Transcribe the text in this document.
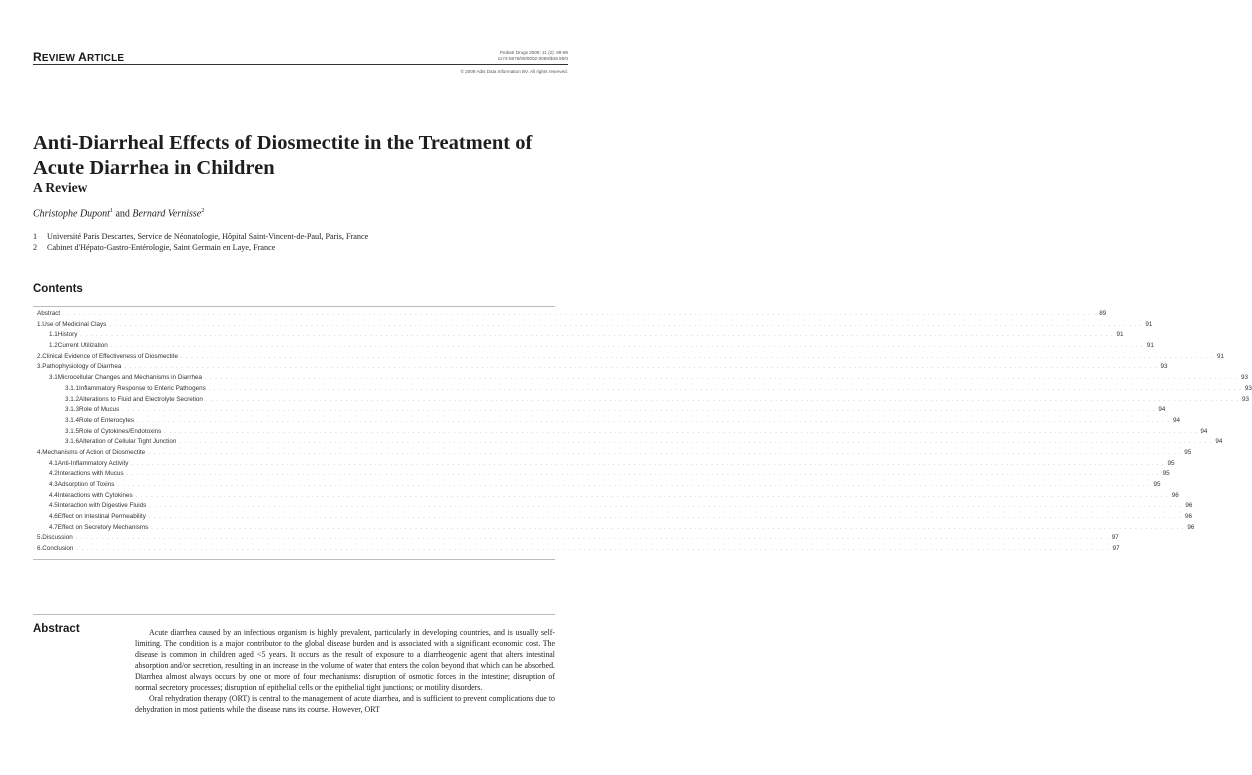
REVIEW ARTICLE
Pediatr Drugs 2009; 11 (2): 89-99
1174-5878/09/0002-0089/$49.95/0
© 2009 Adis Data Information BV. All rights reserved.
Anti-Diarrheal Effects of Diosmectite in the Treatment of Acute Diarrhea in Children
A Review
Christophe Dupont$^1$ and Bernard Vernisse$^2$
1 Université Paris Descartes, Service de Néonatologie, Hôpital Saint-Vincent-de-Paul, Paris, France
2 Cabinet d'Hépato-Gastro-Entérologie, Saint Germain en Laye, France
Contents
Abstract . . . . . . . . . . . . . . . . . . . . . . . . . . . . . . . . . . . . . . . . . . . . . . . . . . . . . . . . . . . . . . . . . . . . . . . . . . . . . . . . . . . . . . . . . . . . . . . . . . . . . . . . . . . . . . . . . . . . . . . . . . . . . . . . . . . . . . . . . . . . . . . . . . . . . . . . . . . . . . . . . . . . . . . . . . . . . . . . . . . . . . . . . . . . . . . . . . . . . . . . 89
1. Use of Medicinal Clays . . . . . . . . . . . . . . . . . . . . . . . . . . . . . . . . . . . . . . . . . . . . . . . . . . . . . . . . . . . . . . . . . . . . . . . . . . . . . . . . . . . . . . . . . . . . . . . . . . . . . . . . . . . . . . . . . . . . . . . . . . . . . . . . . . . . . . . . . . . . . . . . . . . . . . . . . . . . . . . . . . . . . . . . . . . . . . . . . . . . . . . . . . . . . . . . . . . . . . . . 91
1.1 History . . . . . . . . . . . . . . . . . . . . . . . . . . . . . . . . . . . . . . . . . . . . . . . . . . . . . . . . . . . . . . . . . . . . . . . . . . . . . . . . . . . . . . . . . . . . . . . . . . . . . . . . . . . . . . . . . . . . . . . . . . . . . . . . . . . . . . . . . . . . . . . . . . . . . . . . . . . . . . . . . . . . . . . . . . . . . . . . . . . . . . . . . . . . . . . . . . . . . . . . 91
1.2 Current Utilization . . . . . . . . . . . . . . . . . . . . . . . . . . . . . . . . . . . . . . . . . . . . . . . . . . . . . . . . . . . . . . . . . . . . . . . . . . . . . . . . . . . . . . . . . . . . . . . . . . . . . . . . . . . . . . . . . . . . . . . . . . . . . . . . . . . . . . . . . . . . . . . . . . . . . . . . . . . . . . . . . . . . . . . . . . . . . . . . . . . . . . . . . . . . . . . . . . . . . . . . 91
2. Clinical Evidence of Effectiveness of Diosmectite . . . . . . . . . . . . . . . . . . . . . . . . . . . . . . . . . . . . . . . . . . . . . . . . . . . . . . . . . . . . . . . . . . . . . . . . . . . . . . . . . . . . . . . . . . . . . . . . . . . . . . . . . . . . . . . . . . . . . . . . . . . . . . . . . . . . . . . . . . . . . . . . . . . . . . . . . . . . . . . . . . . . . . . . . . . . . . . . . . . . . . . . . . . . . . . . . . . . . . . . 91
3. Pathophysiology of Diarrhea . . . . . . . . . . . . . . . . . . . . . . . . . . . . . . . . . . . . . . . . . . . . . . . . . . . . . . . . . . . . . . . . . . . . . . . . . . . . . . . . . . . . . . . . . . . . . . . . . . . . . . . . . . . . . . . . . . . . . . . . . . . . . . . . . . . . . . . . . . . . . . . . . . . . . . . . . . . . . . . . . . . . . . . . . . . . . . . . . . . . . . . . . . . . . . . . . . . . . . . . 93
3.1 Microcellular Changes and Mechanisms in Diarrhea . . . . . . . . . . . . . . . . . . . . . . . . . . . . . . . . . . . . . . . . . . . . . . . . . . . . . . . . . . . . . . . . . . . . . . . . . . . . . . . . . . . . . . . . . . . . . . . . . . . . . . . . . . . . . . . . . . . . . . . . . . . . . . . . . . . . . . . . . . . . . . . . . . . . . . . . . . . . . . . . . . . . . . . . . . . . . . . . . . . . . . . . . . . . . . . . . . . . . . . . 93
3.1.1 Inflammatory Response to Enteric Pathogens . . . . . . . . . . . . . . . . . . . . . . . . . . . . . . . . . . . . . . . . . . . . . . . . . . . . . . . . . . . . . . . . . . . . . . . . . . . . . . . . . . . . . . . . . . . . . . . . . . . . . . . . . . . . . . . . . . . . . . . . . . . . . . . . . . . . . . . . . . . . . . . . . . . . . . . . . . . . . . . . . . . . . . . . . . . . . . . . . . . . . . . . . . . . . . . . . . . . . . . . 93
3.1.2 Alterations to Fluid and Electrolyte Secretion . . . . . . . . . . . . . . . . . . . . . . . . . . . . . . . . . . . . . . . . . . . . . . . . . . . . . . . . . . . . . . . . . . . . . . . . . . . . . . . . . . . . . . . . . . . . . . . . . . . . . . . . . . . . . . . . . . . . . . . . . . . . . . . . . . . . . . . . . . . . . . . . . . . . . . . . . . . . . . . . . . . . . . . . . . . . . . . . . . . . . . . . . . . . . . . . . . . . . . . . 93
3.1.3 Role of Mucus . . . . . . . . . . . . . . . . . . . . . . . . . . . . . . . . . . . . . . . . . . . . . . . . . . . . . . . . . . . . . . . . . . . . . . . . . . . . . . . . . . . . . . . . . . . . . . . . . . . . . . . . . . . . . . . . . . . . . . . . . . . . . . . . . . . . . . . . . . . . . . . . . . . . . . . . . . . . . . . . . . . . . . . . . . . . . . . . . . . . . . . . . . . . . . . . . . . . . . . . 94
3.1.4 Role of Enterocytes . . . . . . . . . . . . . . . . . . . . . . . . . . . . . . . . . . . . . . . . . . . . . . . . . . . . . . . . . . . . . . . . . . . . . . . . . . . . . . . . . . . . . . . . . . . . . . . . . . . . . . . . . . . . . . . . . . . . . . . . . . . . . . . . . . . . . . . . . . . . . . . . . . . . . . . . . . . . . . . . . . . . . . . . . . . . . . . . . . . . . . . . . . . . . . . . . . . . . . . . 94
3.1.5 Role of Cytokines/Endotoxins . . . . . . . . . . . . . . . . . . . . . . . . . . . . . . . . . . . . . . . . . . . . . . . . . . . . . . . . . . . . . . . . . . . . . . . . . . . . . . . . . . . . . . . . . . . . . . . . . . . . . . . . . . . . . . . . . . . . . . . . . . . . . . . . . . . . . . . . . . . . . . . . . . . . . . . . . . . . . . . . . . . . . . . . . . . . . . . . . . . . . . . . . . . . . . . . . . . . . . . . 94
3.1.6 Alteration of Cellular Tight Junction . . . . . . . . . . . . . . . . . . . . . . . . . . . . . . . . . . . . . . . . . . . . . . . . . . . . . . . . . . . . . . . . . . . . . . . . . . . . . . . . . . . . . . . . . . . . . . . . . . . . . . . . . . . . . . . . . . . . . . . . . . . . . . . . . . . . . . . . . . . . . . . . . . . . . . . . . . . . . . . . . . . . . . . . . . . . . . . . . . . . . . . . . . . . . . . . . . . . . . . . 94
4. Mechanisms of Action of Diosmectite . . . . . . . . . . . . . . . . . . . . . . . . . . . . . . . . . . . . . . . . . . . . . . . . . . . . . . . . . . . . . . . . . . . . . . . . . . . . . . . . . . . . . . . . . . . . . . . . . . . . . . . . . . . . . . . . . . . . . . . . . . . . . . . . . . . . . . . . . . . . . . . . . . . . . . . . . . . . . . . . . . . . . . . . . . . . . . . . . . . . . . . . . . . . . . . . . . . . . . . . 95
4.1 Anti-Inflammatory Activity . . . . . . . . . . . . . . . . . . . . . . . . . . . . . . . . . . . . . . . . . . . . . . . . . . . . . . . . . . . . . . . . . . . . . . . . . . . . . . . . . . . . . . . . . . . . . . . . . . . . . . . . . . . . . . . . . . . . . . . . . . . . . . . . . . . . . . . . . . . . . . . . . . . . . . . . . . . . . . . . . . . . . . . . . . . . . . . . . . . . . . . . . . . . . . . . . . . . . . . . 95
4.2 Interactions with Mucus . . . . . . . . . . . . . . . . . . . . . . . . . . . . . . . . . . . . . . . . . . . . . . . . . . . . . . . . . . . . . . . . . . . . . . . . . . . . . . . . . . . . . . . . . . . . . . . . . . . . . . . . . . . . . . . . . . . . . . . . . . . . . . . . . . . . . . . . . . . . . . . . . . . . . . . . . . . . . . . . . . . . . . . . . . . . . . . . . . . . . . . . . . . . . . . . . . . . . . . . 95
4.3 Adsorption of Toxins . . . . . . . . . . . . . . . . . . . . . . . . . . . . . . . . . . . . . . . . . . . . . . . . . . . . . . . . . . . . . . . . . . . . . . . . . . . . . . . . . . . . . . . . . . . . . . . . . . . . . . . . . . . . . . . . . . . . . . . . . . . . . . . . . . . . . . . . . . . . . . . . . . . . . . . . . . . . . . . . . . . . . . . . . . . . . . . . . . . . . . . . . . . . . . . . . . . . . . . . 95
4.4 Interactions with Cytokines . . . . . . . . . . . . . . . . . . . . . . . . . . . . . . . . . . . . . . . . . . . . . . . . . . . . . . . . . . . . . . . . . . . . . . . . . . . . . . . . . . . . . . . . . . . . . . . . . . . . . . . . . . . . . . . . . . . . . . . . . . . . . . . . . . . . . . . . . . . . . . . . . . . . . . . . . . . . . . . . . . . . . . . . . . . . . . . . . . . . . . . . . . . . . . . . . . . . . . . . 96
4.5 Interaction with Digestive Fluids . . . . . . . . . . . . . . . . . . . . . . . . . . . . . . . . . . . . . . . . . . . . . . . . . . . . . . . . . . . . . . . . . . . . . . . . . . . . . . . . . . . . . . . . . . . . . . . . . . . . . . . . . . . . . . . . . . . . . . . . . . . . . . . . . . . . . . . . . . . . . . . . . . . . . . . . . . . . . . . . . . . . . . . . . . . . . . . . . . . . . . . . . . . . . . . . . . . . . . . . 96
4.6 Effect on Intestinal Permeability . . . . . . . . . . . . . . . . . . . . . . . . . . . . . . . . . . . . . . . . . . . . . . . . . . . . . . . . . . . . . . . . . . . . . . . . . . . . . . . . . . . . . . . . . . . . . . . . . . . . . . . . . . . . . . . . . . . . . . . . . . . . . . . . . . . . . . . . . . . . . . . . . . . . . . . . . . . . . . . . . . . . . . . . . . . . . . . . . . . . . . . . . . . . . . . . . . . . . . . . 96
4.7 Effect on Secretory Mechanisms . . . . . . . . . . . . . . . . . . . . . . . . . . . . . . . . . . . . . . . . . . . . . . . . . . . . . . . . . . . . . . . . . . . . . . . . . . . . . . . . . . . . . . . . . . . . . . . . . . . . . . . . . . . . . . . . . . . . . . . . . . . . . . . . . . . . . . . . . . . . . . . . . . . . . . . . . . . . . . . . . . . . . . . . . . . . . . . . . . . . . . . . . . . . . . . . . . . . . . . . 96
5. Discussion . . . . . . . . . . . . . . . . . . . . . . . . . . . . . . . . . . . . . . . . . . . . . . . . . . . . . . . . . . . . . . . . . . . . . . . . . . . . . . . . . . . . . . . . . . . . . . . . . . . . . . . . . . . . . . . . . . . . . . . . . . . . . . . . . . . . . . . . . . . . . . . . . . . . . . . . . . . . . . . . . . . . . . . . . . . . . . . . . . . . . . . . . . . . . . . . . . . . . . . . 97
6. Conclusion . . . . . . . . . . . . . . . . . . . . . . . . . . . . . . . . . . . . . . . . . . . . . . . . . . . . . . . . . . . . . . . . . . . . . . . . . . . . . . . . . . . . . . . . . . . . . . . . . . . . . . . . . . . . . . . . . . . . . . . . . . . . . . . . . . . . . . . . . . . . . . . . . . . . . . . . . . . . . . . . . . . . . . . . . . . . . . . . . . . . . . . . . . . . . . . . . . . . . . . . 97
Abstract	Acute diarrhea caused by an infectious organism is highly prevalent, particularly in developing countries, and is usually self-limiting. The condition is a major contributor to the global disease burden and is associated with a significant economic cost. The disease is common in children aged <5 years. It occurs as the result of exposure to a diarrheogenic agent that alters intestinal absorption and/or secretion, resulting in an increase in the volume of water that enters the colon beyond that which can be absorbed. Diarrhea almost always occurs by one or more of four mechanisms: disruption of osmotic forces in the intestine; disruption of normal secretory processes; disruption of epithelial cells or the epithelial tight junctions; or motility disorders.

Oral rehydration therapy (ORT) is central to the management of acute diarrhea, and is sufficient to prevent complications due to dehydration in most patients while the disease runs its course. However, ORT
